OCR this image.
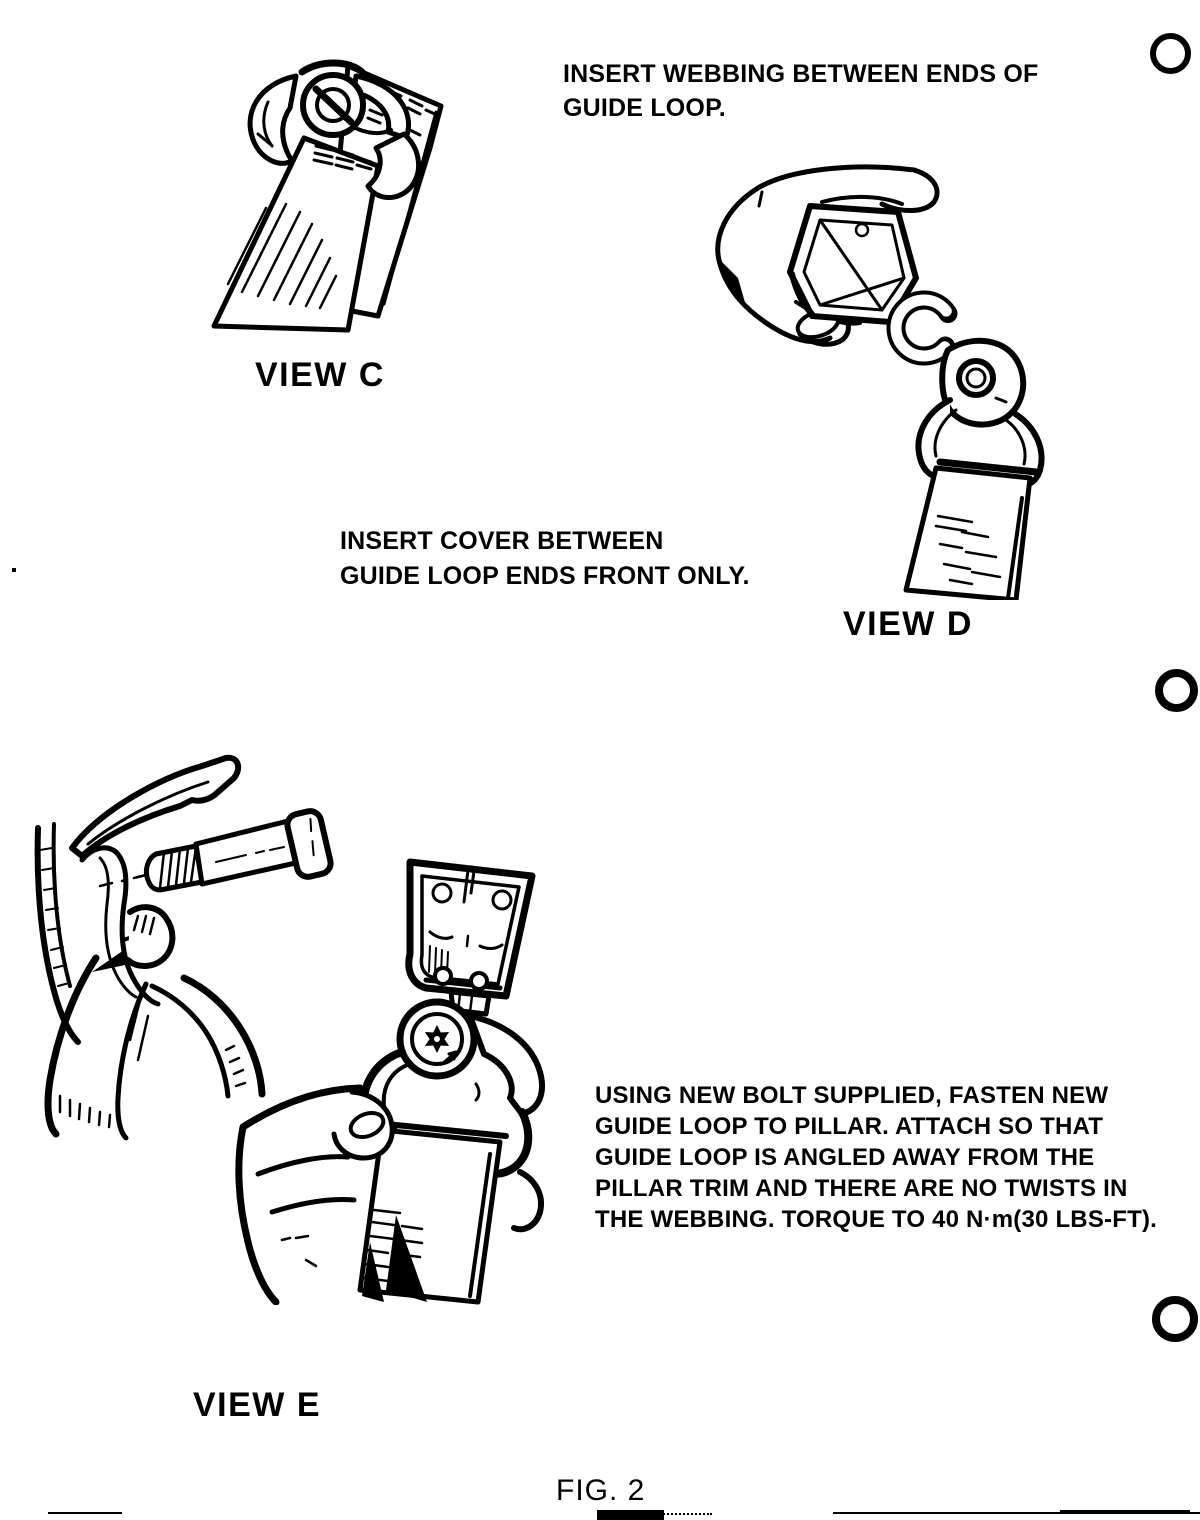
INSERT WEBBING BETWEEN ENDS OF
GUIDE LOOP.
VIEW C
INSERT COVER BETWEEN
GUIDE LOOP ENDS FRONT ONLY.
VIEW D
USING NEW BOLT SUPPLIED, FASTEN NEW
GUIDE LOOP TO PILLAR. ATTACH SO THAT
GUIDE LOOP IS ANGLED AWAY FROM THE
PILLAR TRIM AND THERE ARE NO TWISTS IN
THE WEBBING. TORQUE TO 40 N·m(30 LBS-FT).
VIEW E
FIG. 2
